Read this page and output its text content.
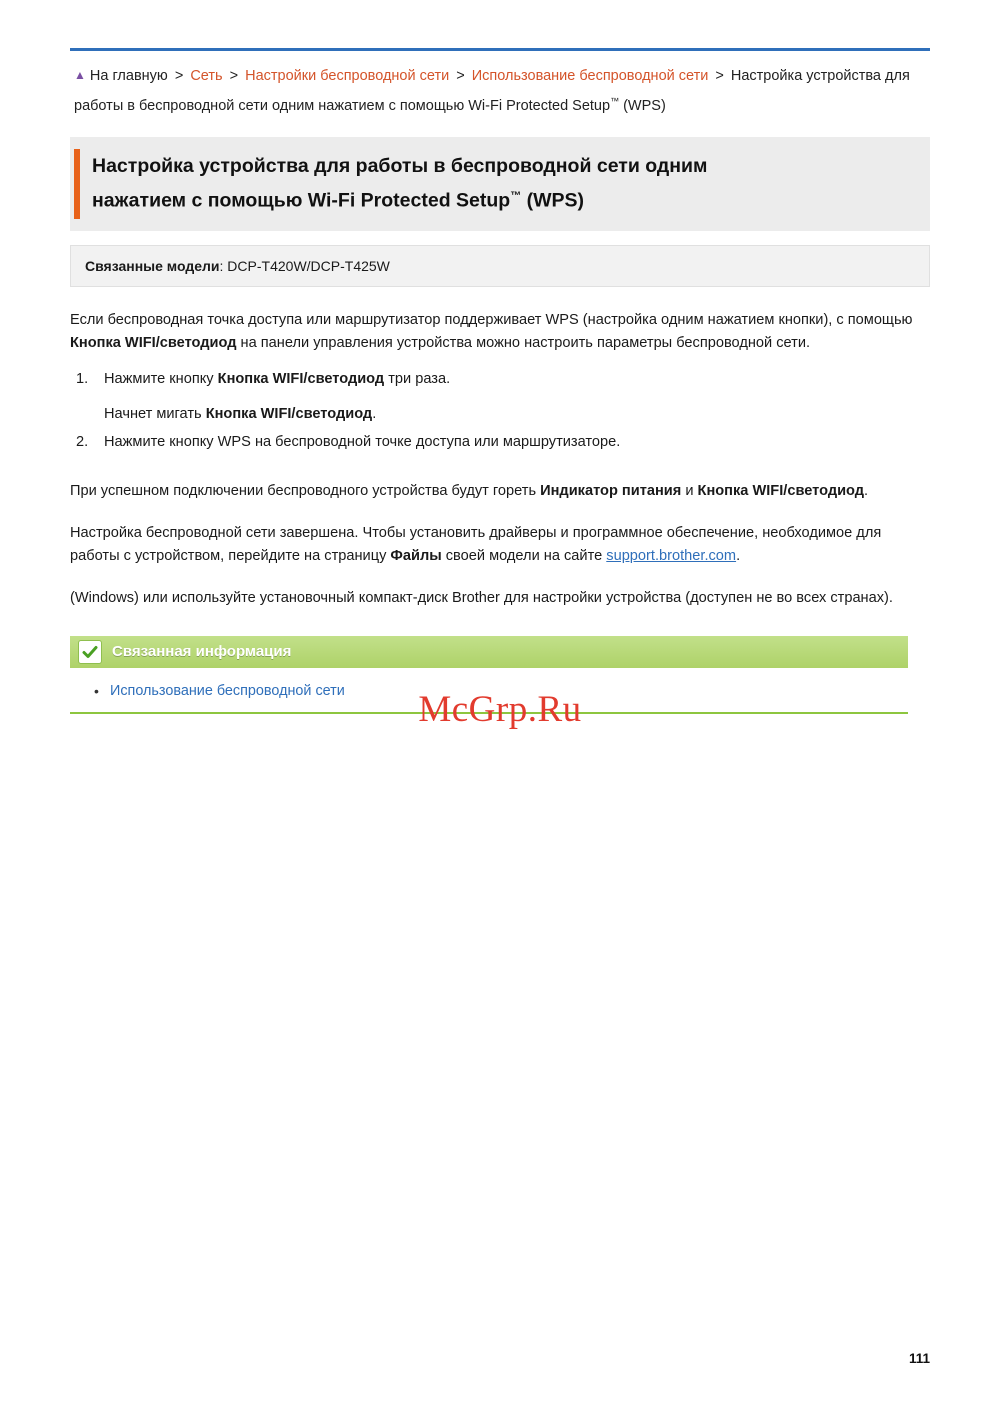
▲ На главную > Сеть > Настройки беспроводной сети > Использование беспроводной сети > Настройка устройства для работы в беспроводной сети одним нажатием с помощью Wi-Fi Protected Setup™ (WPS)
Настройка устройства для работы в беспроводной сети одним
нажатием с помощью Wi-Fi Protected Setup™ (WPS)
Связанные модели: DCP-T420W/DCP-T425W

Если беспроводная точка доступа или маршрутизатор поддерживает WPS (настройка одним нажатием кнопки), с помощью Кнопка WIFI/светодиод на панели управления устройства можно настроить параметры беспроводной сети.

1.	Нажмите кнопку Кнопка WIFI/светодиод три раза.
Начнет мигать Кнопка WIFI/светодиод.
2.	Нажмите кнопку WPS на беспроводной точке доступа или маршрутизаторе.

При успешном подключении беспроводного устройства будут гореть Индикатор питания и Кнопка WIFI/светодиод.

Настройка беспроводной сети завершена. Чтобы установить драйверы и программное обеспечение, необходимое для работы с устройством, перейдите на страницу Файлы своей модели на сайте support.brother.com.

(Windows) или используйте установочный компакт-диск Brother для настройки устройства (доступен не во всех странах).

Связанная информация
• Использование беспроводной сети	McGrp.Ru
111
